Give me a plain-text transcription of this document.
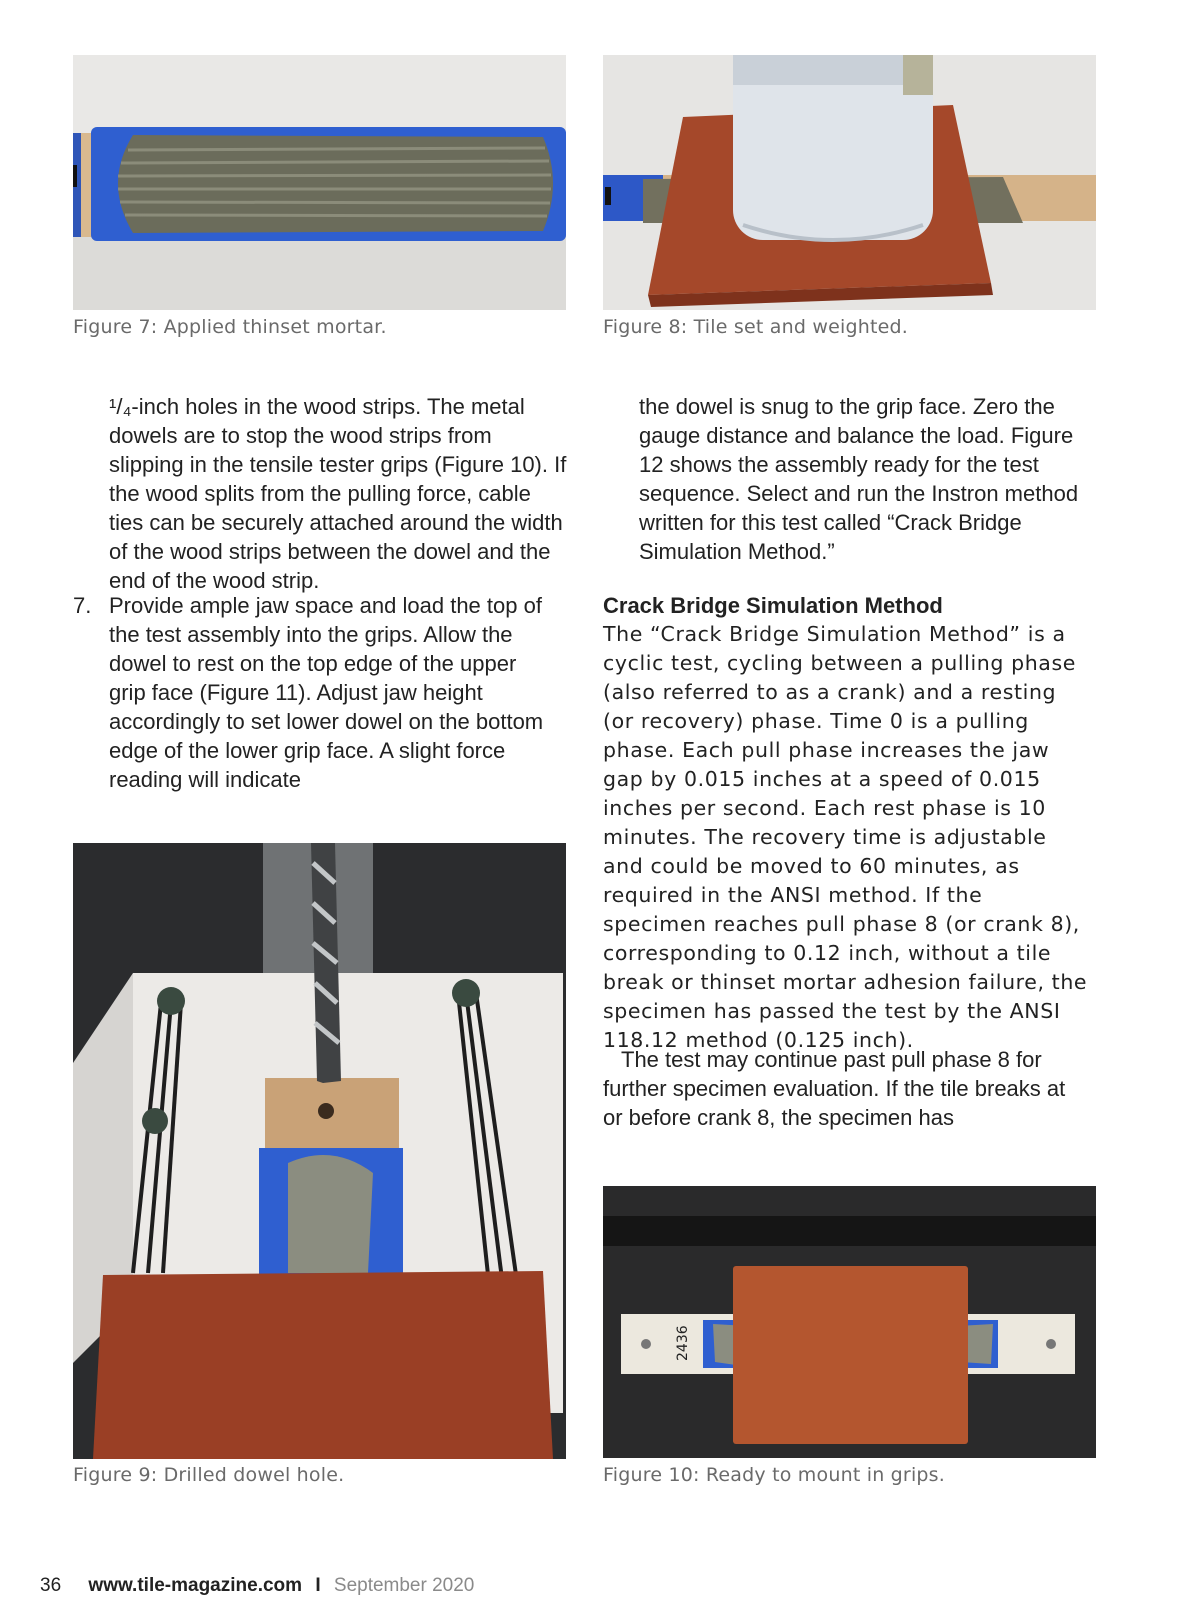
Figure 7: Applied thinset mortar.	Figure 8: Tile set and weighted.
¹/₄-inch holes in the wood strips. The metal dowels are to stop the wood strips from slipping in the tensile tester grips (Figure 10). If the wood splits from the pulling force, cable ties can be securely attached around the width of the wood strips between the dowel and the end of the wood strip.
7. Provide ample jaw space and load the top of the test assembly into the grips. Allow the dowel to rest on the top edge of the upper grip face (Figure 11). Adjust jaw height accordingly to set lower dowel on the bottom edge of the lower grip face. A slight force reading will indicate
the dowel is snug to the grip face. Zero the gauge distance and balance the load. Figure 12 shows the assembly ready for the test sequence. Select and run the Instron method written for this test called “Crack Bridge Simulation Method.”
Crack Bridge Simulation Method
The “Crack Bridge Simulation Method” is a cyclic test, cycling between a pulling phase (also referred to as a crank) and a resting (or recovery) phase. Time 0 is a pulling phase. Each pull phase increases the jaw gap by 0.015 inches at a speed of 0.015 inches per second. Each rest phase is 10 minutes. The recovery time is adjustable and could be moved to 60 minutes, as required in the ANSI method. If the specimen reaches pull phase 8 (or crank 8), corresponding to 0.12 inch, without a tile break or thinset mortar adhesion failure, the specimen has passed the test by the ANSI 118.12 method (0.125 inch).
The test may continue past pull phase 8 for further specimen evaluation. If the tile breaks at or before crank 8, the specimen has
Figure 9: Drilled dowel hole.
2436
Figure 10: Ready to mount in grips.
36 www.tile-magazine.com I September 2020
